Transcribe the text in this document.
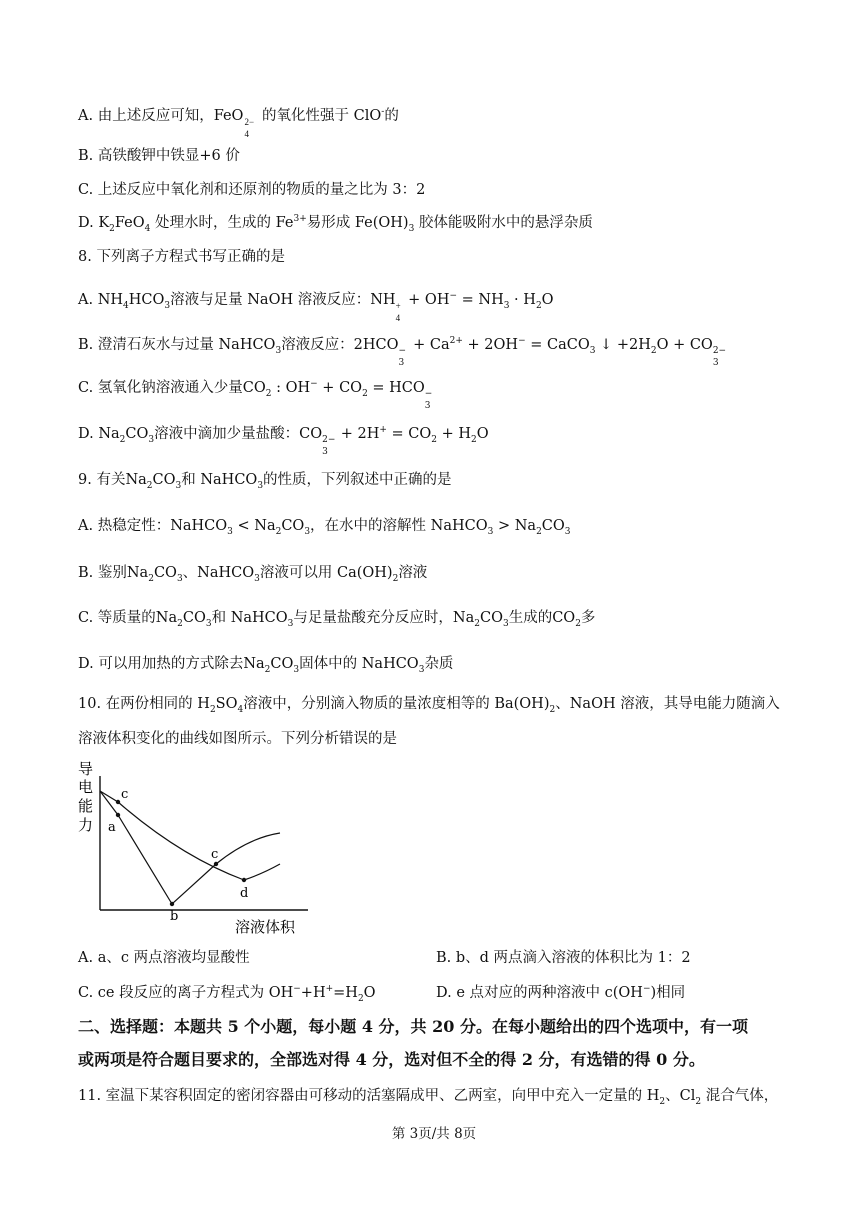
A. 由上述反应可知，FeO
4
2− 的氧化性强于 ClO-的
B. 高铁酸钾中铁显+6 价
C. 上述反应中氧化剂和还原剂的物质的量之比为 3：2
D. $K_2FeO_4$ 处理水时，生成的 $Fe^{3+}$易形成 $Fe(OH)_3$ 胶体能吸附水中的悬浮杂质
8. 下列离子方程式书写正确的是
A. $NH_4HCO_3$溶液与足量 NaOH 溶液反应：NH
4
+ + $OH^- = NH_3 \cdot H_2O$
B. 澄清石灰水与过量 NaHCO$_3$溶液反应：2HCO
3
− + $Ca^{2+} + 2OH^-$ = CaCO$_3$ ↓ $+2H_2O$ + CO
3
2−
C. 氢氧化钠溶液通入少量$CO_2$ : $OH^- + CO_2$ = HCO
3
−
D. $Na_2CO_3$溶液中滴加少量盐酸：CO
3
$2- + 2H^+ = CO_2 + H_2O$
9. 有关$Na_2CO_3$和 NaHCO$_3$的性质，下列叙述中正确的是
A. 热稳定性：NaHCO$_3$ < $Na_2CO_3$，在水中的溶解性 NaHCO$_3$ > $Na_2CO_3$
B. 鉴别$Na_2CO_3$、NaHCO$_3$溶液可以用 $Ca(OH)_2$溶液
C. 等质量的$Na_2CO_3$和 NaHCO$_3$与足量盐酸充分反应时，$Na_2CO_3$生成的$CO_2$多
D. 可以用加热的方式除去$Na_2CO_3$固体中的 NaHCO$_3$杂质
10. 在两份相同的 $H_2SO_4$溶液中，分别滴入物质的量浓度相等的 $Ba(OH)_2$、NaOH 溶液，其导电能力随滴入
溶液体积变化的曲线如图所示。下列分析错误的是
导
电
能
力
c
a
b
c
d
溶液体积
A. a、c 两点溶液均显酸性	B. b、d 两点滴入溶液的体积比为 1：2
C. ce 段反应的离子方程式为 $OH^-+H^+=H_2O$	D. e 点对应的两种溶液中 c(OH−)相同
二、选择题：本题共 5 个小题，每小题 4 分，共 20 分。在每小题给出的四个选项中，有一项
或两项是符合题目要求的，全部选对得 4 分，选对但不全的得 2 分，有选错的得 0 分。
11. 室温下某容积固定的密闭容器由可移动的活塞隔成甲、乙两室，向甲中充入一定量的 $H_2$、$Cl_2$ 混合气体，
第 3页/共 8页
